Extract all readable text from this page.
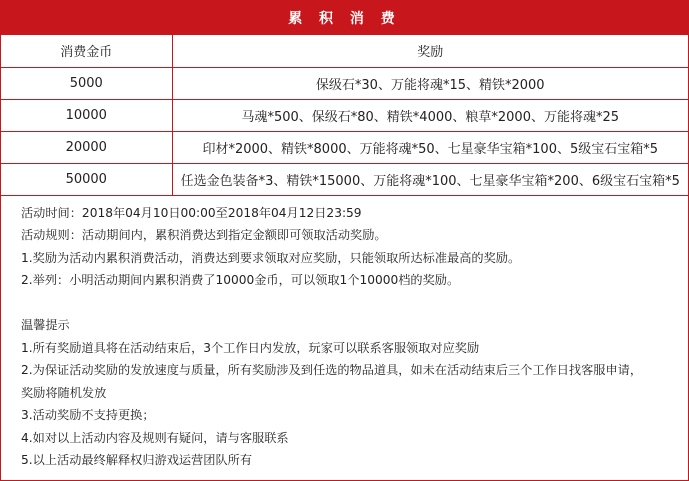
累 积 消 费
消费金币	奖励
5000	保级石*30、万能将魂*15、精铁*2000
10000	马魂*500、保级石*80、精铁*4000、粮草*2000、万能将魂*25
20000	印材*2000、精铁*8000、万能将魂*50、七星豪华宝箱*100、5级宝石宝箱*5
50000	任选金色装备*3、精铁*15000、万能将魂*100、七星豪华宝箱*200、6级宝石宝箱*5
活动时间：2018年04月10日00:00至2018年04月12日23:59
活动规则：活动期间内，累积消费达到指定金额即可领取活动奖励。
1.奖励为活动内累积消费活动，消费达到要求领取对应奖励，只能领取所达标准最高的奖励。
2.举列：小明活动期间内累积消费了10000金币，可以领取1个10000档的奖励。
温馨提示
1.所有奖励道具将在活动结束后，3个工作日内发放，玩家可以联系客服领取对应奖励
2.为保证活动奖励的发放速度与质量，所有奖励涉及到任选的物品道具，如未在活动结束后三个工作日找客服申请，
奖励将随机发放
3.活动奖励不支持更换；
4.如对以上活动内容及规则有疑问，请与客服联系
5.以上活动最终解释权归游戏运营团队所有
